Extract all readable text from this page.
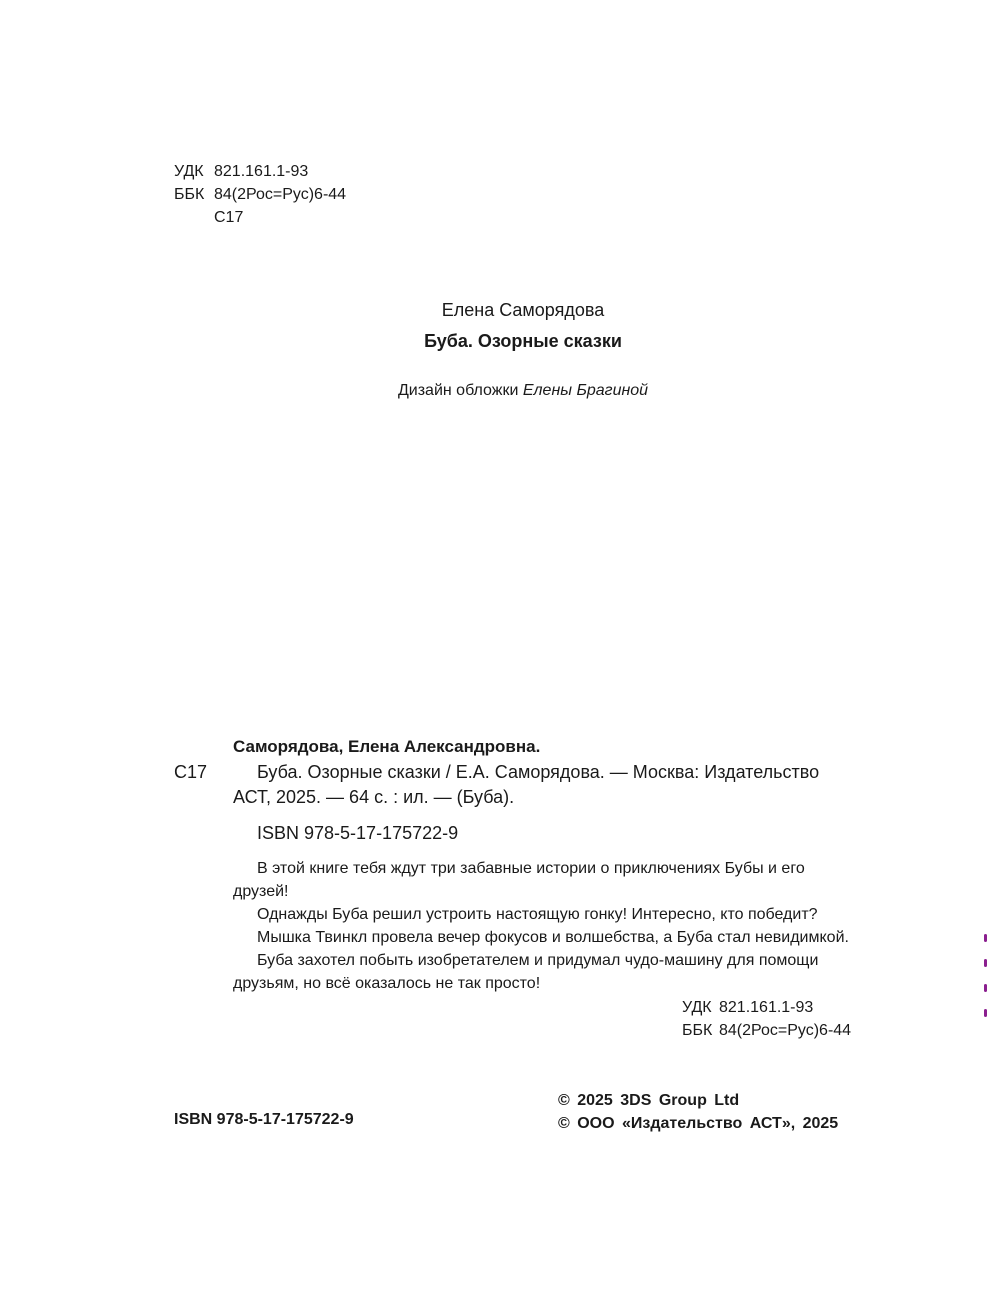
УДК 821.161.1-93
ББК 84(2Рос=Рус)6-44
С17
Елена Саморядова
Буба. Озорные сказки
Дизайн обложки Елены Брагиной
Саморядова, Елена Александровна.
С17	Буба. Озорные сказки / Е.А. Саморядова. — Москва: Издательство
АСТ, 2025. — 64 с. : ил. — (Буба).
ISBN 978-5-17-175722-9
В этой книге тебя ждут три забавные истории о приключениях Бубы и его
друзей!
Однажды Буба решил устроить настоящую гонку! Интересно, кто победит?
Мышка Твинкл провела вечер фокусов и волшебства, а Буба стал невидимкой.
Буба захотел побыть изобретателем и придумал чудо-машину для помощи
друзьям, но всё оказалось не так просто!
УДК 821.161.1-93
ББК 84(2Рос=Рус)6-44
ISBN 978-5-17-175722-9
© 2025 3DS Group Ltd
© ООО «Издательство АСТ», 2025
